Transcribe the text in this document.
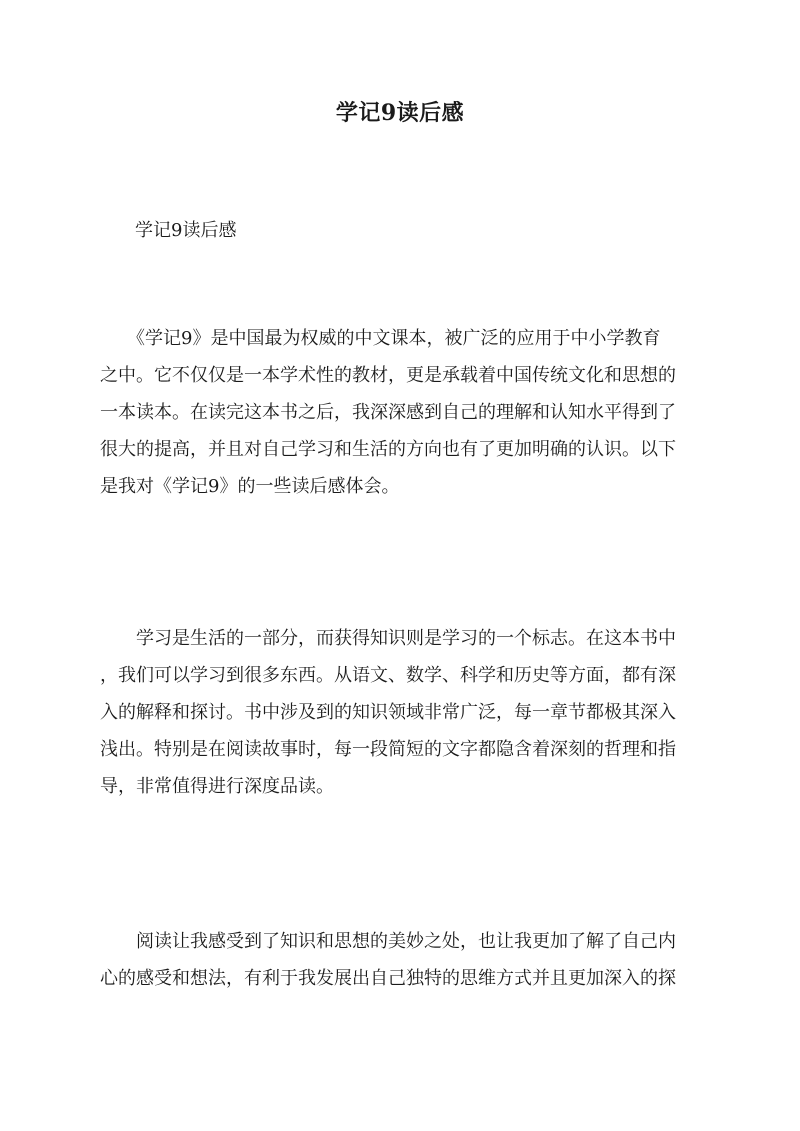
学记9读后感
学记9读后感
　　《学记9》是中国最为权威的中文课本，被广泛的应用于中小学教育
之中。它不仅仅是一本学术性的教材，更是承载着中国传统文化和思想的
一本读本。在读完这本书之后，我深深感到自己的理解和认知水平得到了
很大的提高，并且对自己学习和生活的方向也有了更加明确的认识。以下
是我对《学记9》的一些读后感体会。
　　学习是生活的一部分，而获得知识则是学习的一个标志。在这本书中
，我们可以学习到很多东西。从语文、数学、科学和历史等方面，都有深
入的解释和探讨。书中涉及到的知识领域非常广泛，每一章节都极其深入
浅出。特别是在阅读故事时，每一段简短的文字都隐含着深刻的哲理和指
导，非常值得进行深度品读。
　　阅读让我感受到了知识和思想的美妙之处，也让我更加了解了自己内
心的感受和想法，有利于我发展出自己独特的思维方式并且更加深入的探
